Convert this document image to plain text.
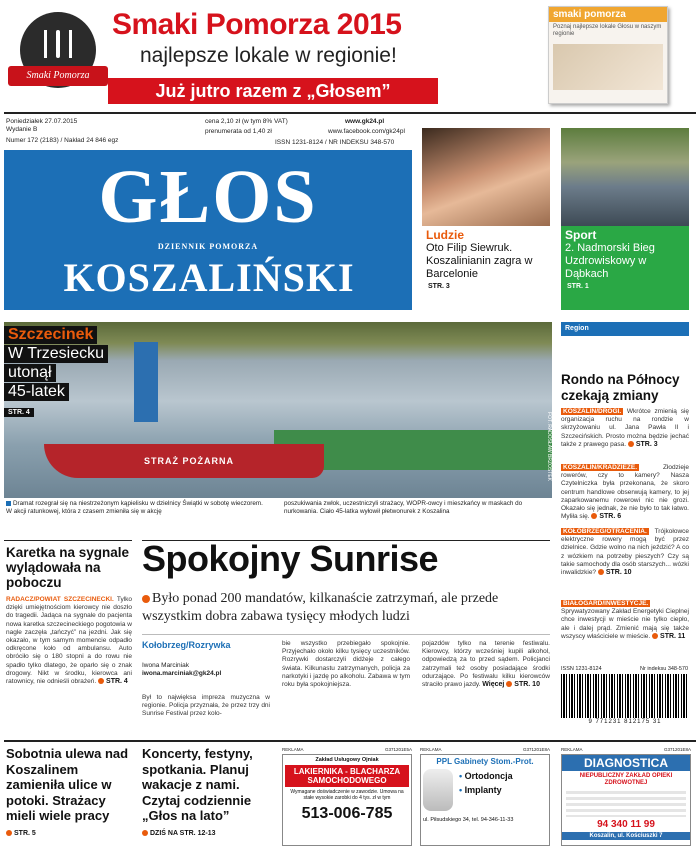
Smaki Pomorza
Smaki Pomorza 2015
najlepsze lokale w regionie!
Już jutro razem z „Głosem”
smaki pomorza
Poznaj najlepsze lokale Głosu w naszym regionie
Poniedziałek 27.07.2015
Wydanie B
Numer 172 (2183) / Nakład 24 846 egz
cena 2,10 zł (w tym 8% VAT)
prenumerata od 1,40 zł
www.gk24.pl
www.facebook.com/gk24pl
ISSN 1231-8124 / NR INDEKSU 348-570
GŁOS
DZIENNIK POMORZA
KOSZALIŃSKI
Ludzie
Oto Filip Siewruk. Koszalinianin zagra w Barcelonie
STR. 3
Sport
2. Nadmorski Bieg Uzdrowiskowy w Dąbkach
STR. 1
STRAŻ POŻARNA
Szczecinek
W Trzesiecku
utonął
45-latek
STR. 4	FOT. RADOSŁAW BRZOSTEK
Dramat rozegrał się na niestrzeżonym kąpielisku w dzielnicy Świątki w sobotę wieczorem. W akcji ratunkowej, która z czasem zmieniła się w akcję
poszukiwania zwłok, uczestniczyli strażacy, WOPR-owcy i mieszkańcy w maskach do nurkowania. Ciało 45-latka wyłowił płetwonurek z Koszalina
Region
Rondo na Północy czekają zmiany
KOSZALIN/DROGI. Wkrótce zmienią się organizacja ruchu na rondzie w skrzyżowaniu ul. Jana Pawła II i Szczecińskich. Prosto można będzie jechać także z prawego pasa. STR. 3
KOSZALIN/KRADZIEŻE.	Złodzieje rowerów, czy to kamery? Nasza Czytelniczka była przekonana, że skoro centrum handlowe obserwują kamery, to jej zaparkowanemu rowerowi nic nie grozi. Okazało się jednak, że nie było to tak łatwo. Myliła się. STR. 6
KOŁOBRZEG/OTRACENIA. Trójkołowce elektryczne rowery mogą być przez dzielnice. Gdzie wolno na nich jeździć? A co z wózkiem na potrzeby pieszych? Czy są takie samochody dla osób starszych... wózki inwalidzkie? STR. 10
BIAŁOGARD/INWESTYCJE. Sprywatyzowany Zakład Energetyki Cieplnej chce inwestycji w mieście nie tylko ciepło, ale i dalej prąd. Zmienić mają się także wszyscy właściciele w mieście. STR. 11
ISSN 1231-8124	Nr indeksu 348-570
9 771231 812175 31
Karetka na sygnale wylądowała na poboczu
RADACZ/POWIAT SZCZECINECKI. Tylko dzięki umiejętnościom kierowcy nie doszło do tragedii. Jadąca na sygnale do pacjenta nowa karetka szczecineckiego pogotowia w nagle zaczęła „tańczyć” na jezdni. Jak się okazało, w tym samym momencie odpadło odkręcone koło od ambulansu. Auto obróciło się o 180 stopni a do rowu nie spadło tylko dlatego, że oparło się o znak drogowy. Nikt w środku, kierowca ani ratownicy, nie odnieśli obrażeń. STR. 4
Spokojny Sunrise
Było ponad 200 mandatów, kilkanaście zatrzymań, ale przede wszystkim dobra zabawa tysięcy młodych ludzi
Kołobrzeg/Rozrywka
Iwona Marciniak
iwona.marciniak@gk24.pl
Był to najwięksa impreza muzyczna w regionie. Policja przyznała, że przez trzy dni Sunrise Festival przez kolo-
bie wszystko przebiegało spokojnie. Przyjechało około kilku tysięcy uczestników. Rozrywki dostarczyli didżeje z całego świata. Kilkunastu zatrzymanych, policja za narkotyki i jazdę po alkoholu. Zabawa w tym roku była spokojniejsza.
pojazdów tylko na terenie festiwalu. Kierowcy, którzy wcześniej kupili alkohol, odpowiedzą za to przed sądem. Policjanci zatrzymali też osoby posiadające środki odurzające. Po festiwalu kilku kierowców straciło prawo jazdy. Więcej STR. 10
Sobotnia ulewa nad Koszalinem zamieniła ulice w potoki. Strażacy mieli wiele pracy
STR. 5
Koncerty, festyny, spotkania. Planuj wakacje z nami. Czytaj codziennie „Głos na lato”
DZIŚ NA STR. 12-13
REKLAMA	G371201E5A
Zakład Usługowy Ojniak
LAKIERNIKA - BLACHARZA SAMOCHODOWEGO
Wymagane doświadczenie w zawodzie. Umowa na stałe wysokie zarobki do 4 tys. zł w tym
513-006-785
REKLAMA	G371201E8A
PPL Gabinety Stom.-Prot.
• Ortodoncja
• Implanty
ul. Piłsudskiego 34, tel. 94-346-11-33
REKLAMA	G371201E8A
DIAGNOSTICA
NIEPUBLICZNY ZAKŁAD OPIEKI ZDROWOTNEJ
94 340 11 99
Koszalin, ul. Kościuszki 7
